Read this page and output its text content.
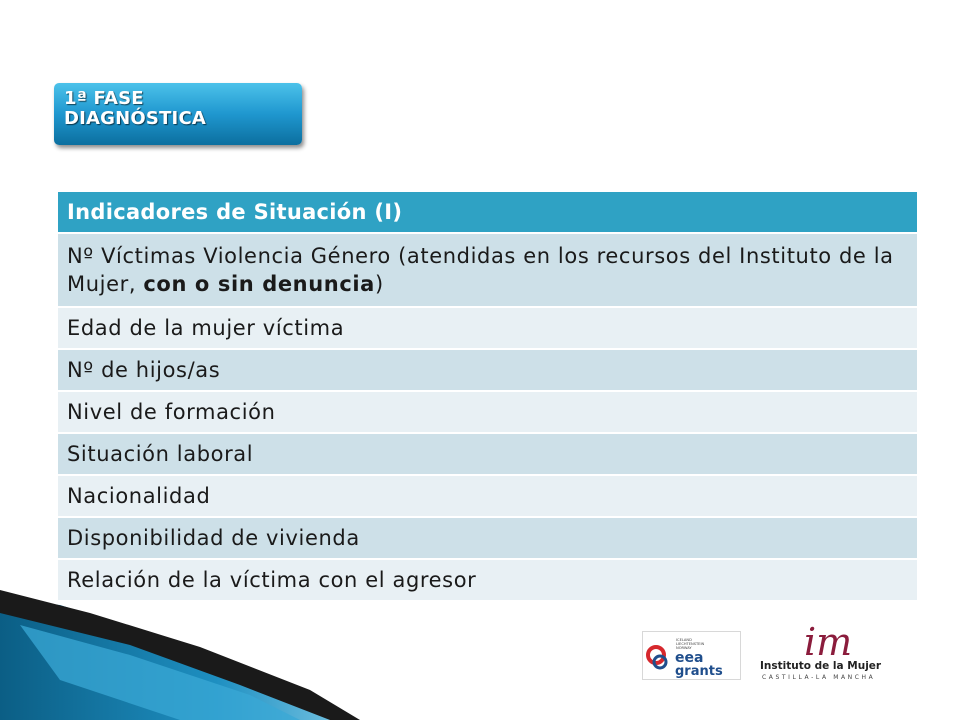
1ª FASE
DIAGNÓSTICA
Indicadores de Situación (I)
Nº Víctimas Violencia Género (atendidas en los recursos del Instituto de la Mujer, con o sin denuncia)
Edad de la mujer víctima
Nº de hijos/as
Nivel de formación
Situación laboral
Nacionalidad
Disponibilidad de vivienda
Relación de la víctima con el agresor
ICELAND
LIECHTENSTEIN
NORWAY
eea
grants
im
Instituto de la Mujer
CASTILLA-LA MANCHA
